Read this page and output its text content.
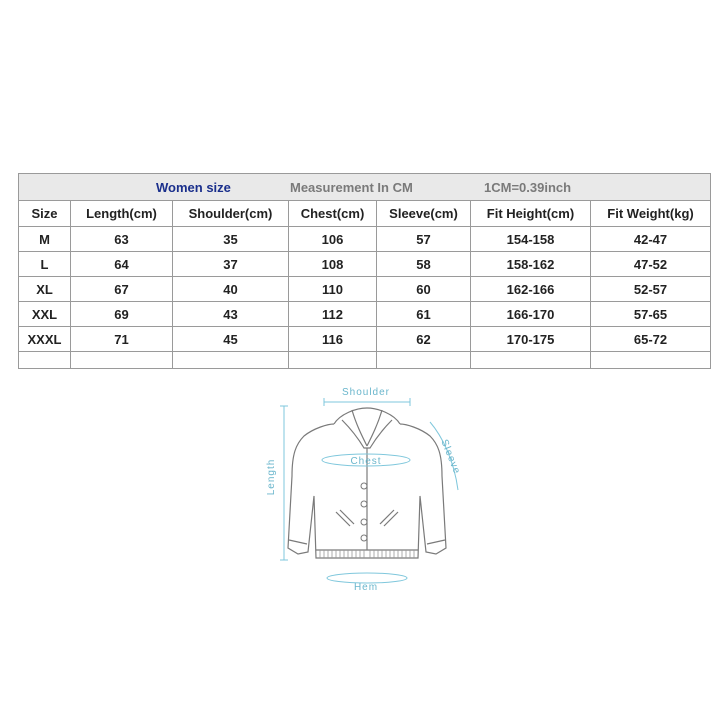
Women size Measurement In CM 1CM=0.39inch						

Size	Length(cm)	Shoulder(cm)	Chest(cm)	Sleeve(cm)	Fit Height(cm)	Fit Weight(kg)
M	63	35	106	57	154-158	42-47
L	64	37	108	58	158-162	47-52
XL	67	40	110	60	162-166	52-57
XXL	69	43	112	61	166-170	57-65
XXXL	71	45	116	62	170-175	65-72

Shoulder
Chest
Length
Sleeve
Hem
